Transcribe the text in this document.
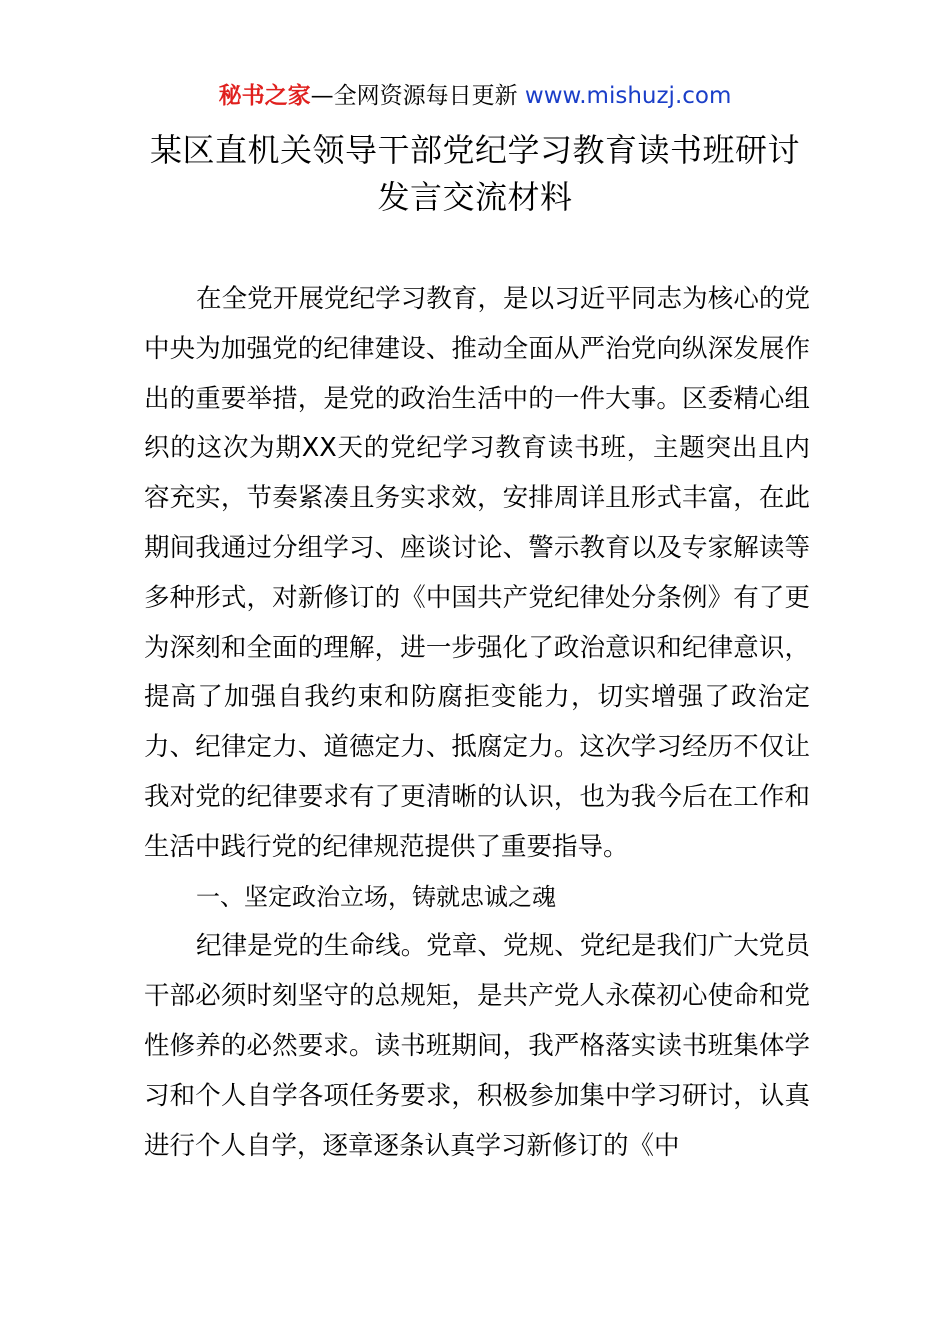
秘书之家—全网资源每日更新 www.mishuzj.com
某区直机关领导干部党纪学习教育读书班研讨
发言交流材料

在全党开展党纪学习教育，是以习近平同志为核心的党中央为加强党的纪律建设、推动全面从严治党向纵深发展作出的重要举措，是党的政治生活中的一件大事。区委精心组织的这次为期XX天的党纪学习教育读书班，主题突出且内容充实，节奏紧凑且务实求效，安排周详且形式丰富，在此期间我通过分组学习、座谈讨论、警示教育以及专家解读等多种形式，对新修订的《中国共产党纪律处分条例》有了更为深刻和全面的理解，进一步强化了政治意识和纪律意识，提高了加强自我约束和防腐拒变能力，切实增强了政治定力、纪律定力、道德定力、抵腐定力。这次学习经历不仅让我对党的纪律要求有了更清晰的认识，也为我今后在工作和生活中践行党的纪律规范提供了重要指导。

一、坚定政治立场，铸就忠诚之魂

纪律是党的生命线。党章、党规、党纪是我们广大党员干部必须时刻坚守的总规矩，是共产党人永葆初心使命和党性修养的必然要求。读书班期间，我严格落实读书班集体学习和个人自学各项任务要求，积极参加集中学习研讨，认真进行个人自学，逐章逐条认真学习新修订的《中
